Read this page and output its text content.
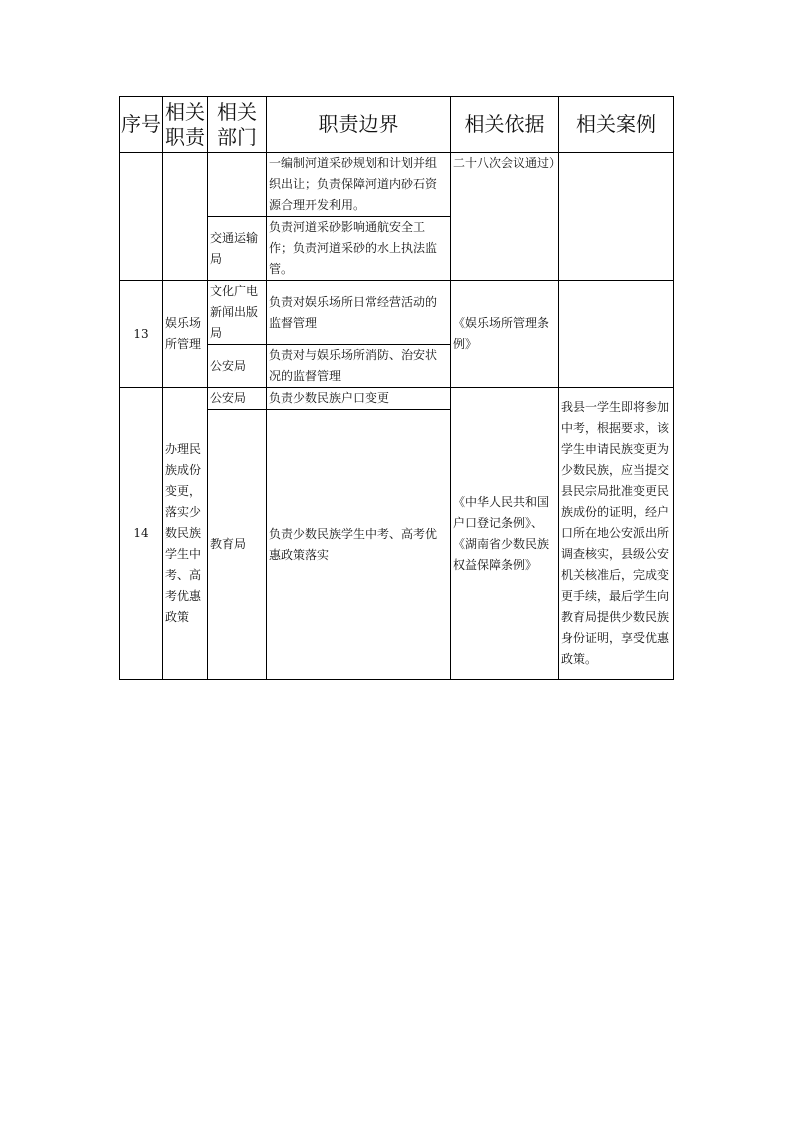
序号	相关职责	相关部门	职责边界	相关依据	相关案例
			一编制河道采砂规划和计划并组织出让；负责保障河道内砂石资源合理开发利用。	二十八次会议通过）	
		交通运输局	负责河道采砂影响通航安全工作；负责河道采砂的水上执法监管。		
13	娱乐场所管理	文化广电新闻出版局	负责对娱乐场所日常经营活动的监督管理	《娱乐场所管理条例》	
		公安局	负责对与娱乐场所消防、治安状况的监督管理		
14	办理民族成份变更，落实少数民族学生中考、高考优惠政策	公安局	负责少数民族户口变更	《中华人民共和国户口登记条例》、《湖南省少数民族权益保障条例》	我县一学生即将参加中考，根据要求，该学生申请民族变更为少数民族，应当提交县民宗局批准变更民族成份的证明，经户口所在地公安派出所调查核实，县级公安机关核准后，完成变更手续，最后学生向教育局提供少数民族身份证明，享受优惠政策。
		教育局	负责少数民族学生中考、高考优惠政策落实		
